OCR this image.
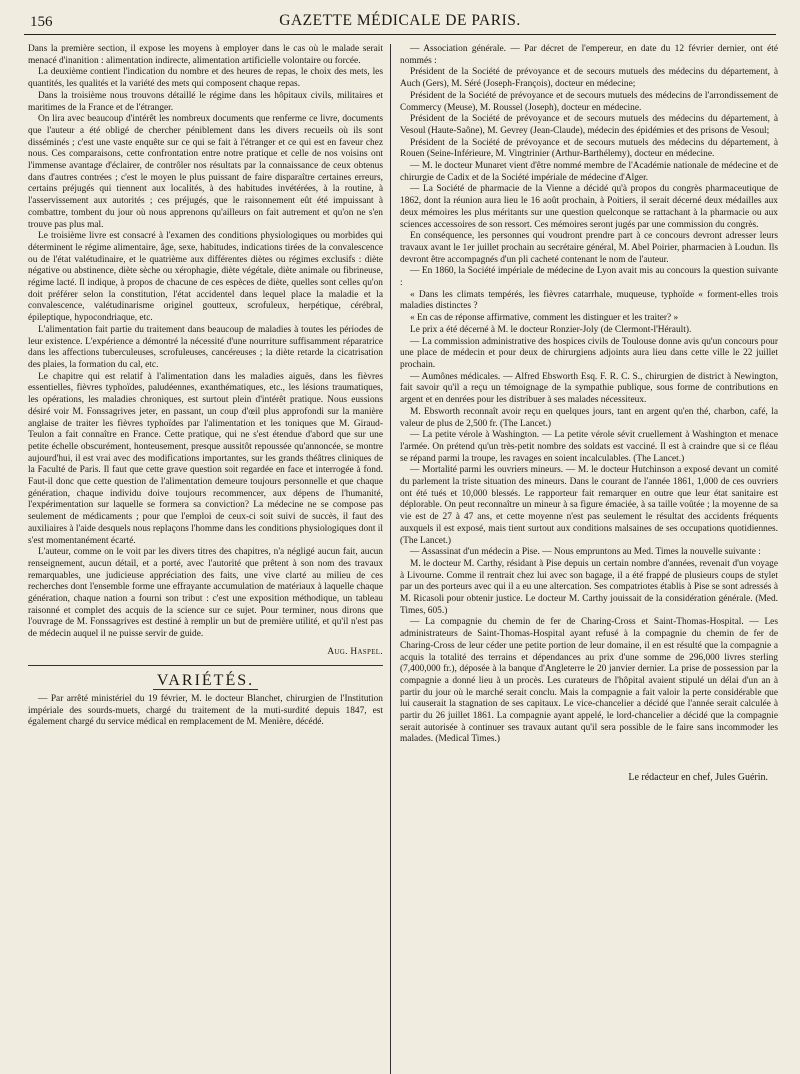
156	GAZETTE MÉDICALE DE PARIS.

Dans la première section, il expose les moyens à employer dans le cas où le malade serait menacé d'inanition : alimentation indirecte, alimentation artificielle volontaire ou forcée.

La deuxième contient l'indication du nombre et des heures de repas, le choix des mets, les quantités, les qualités et la variété des mets qui composent chaque repas.

Dans la troisième nous trouvons détaillé le régime dans les hôpitaux civils, militaires et maritimes de la France et de l'étranger.

On lira avec beaucoup d'intérêt les nombreux documents que renferme ce livre, documents que l'auteur a été obligé de chercher péniblement dans les divers recueils où ils sont disséminés ; c'est une vaste enquête sur ce qui se fait à l'étranger et ce qui est en faveur chez nous. Ces comparaisons, cette confrontation entre notre pratique et celle de nos voisins ont l'immense avantage d'éclairer, de contrôler nos résultats par la connaissance de ceux obtenus dans d'autres contrées ; c'est le moyen le plus puissant de faire disparaître certaines erreurs, certains préjugés qui tiennent aux localités, à des habitudes invétérées, à la routine, à l'asservissement aux autorités ; ces préjugés, que le raisonnement eût été impuissant à combattre, tombent du jour où nous apprenons qu'ailleurs on fait autrement et qu'on ne s'en trouve pas plus mal.

Le troisième livre est consacré à l'examen des conditions physiologiques ou morbides qui déterminent le régime alimentaire, âge, sexe, habitudes, indications tirées de la convalescence ou de l'état valétudinaire, et le quatrième aux différentes diètes ou régimes exclusifs : diète négative ou abstinence, diète sèche ou xérophagie, diète végétale, diète animale ou fibrineuse, régime lacté. Il indique, à propos de chacune de ces espèces de diète, quelles sont celles qu'on doit préférer selon la constitution, l'état accidentel dans lequel place la maladie et la convalescence, valétudinarisme originel goutteux, scrofuleux, herpétique, cérébral, épileptique, hypocondriaque, etc.

L'alimentation fait partie du traitement dans beaucoup de maladies à toutes les périodes de leur existence. L'expérience a démontré la nécessité d'une nourriture suffisamment réparatrice dans les affections tuberculeuses, scrofuleuses, cancéreuses ; la diète retarde la cicatrisation des plaies, la formation du cal, etc.

Le chapitre qui est relatif à l'alimentation dans les maladies aiguës, dans les fièvres essentielles, fièvres typhoïdes, paludéennes, exanthématiques, etc., les lésions traumatiques, les opérations, les maladies chroniques, est surtout plein d'intérêt pratique. Nous eussions désiré voir M. Fonssagrives jeter, en passant, un coup d'œil plus approfondi sur la manière anglaise de traiter les fièvres typhoïdes par l'alimentation et les toniques que M. Giraud-Teulon a fait connaître en France. Cette pratique, qui ne s'est étendue d'abord que sur une petite échelle obscurément, honteusement, presque aussitôt repoussée qu'annoncée, se montre aujourd'hui, il est vrai avec des modifications importantes, sur les grands théâtres cliniques de la Faculté de Paris. Il faut que cette grave question soit regardée en face et interrogée à fond. Faut-il donc que cette question de l'alimentation demeure toujours personnelle et que chaque génération, chaque individu doive toujours recommencer, aux dépens de l'humanité, l'expérimentation sur laquelle se formera sa conviction? La médecine ne se compose pas seulement de médicaments ; pour que l'emploi de ceux-ci soit suivi de succès, il faut des auxiliaires à l'aide desquels nous replaçons l'homme dans les conditions physiologiques dont il s'est momentanément écarté.

L'auteur, comme on le voit par les divers titres des chapitres, n'a négligé aucun fait, aucun renseignement, aucun détail, et a porté, avec l'autorité que prêtent à son nom des travaux remarquables, une judicieuse appréciation des faits, une vive clarté au milieu de ces recherches dont l'ensemble forme une effrayante accumulation de matériaux à laquelle chaque génération, chaque nation a fourni son tribut : c'est une exposition méthodique, un tableau raisonné et complet des acquis de la science sur ce sujet. Pour terminer, nous dirons que l'ouvrage de M. Fonssagrives est destiné à remplir un but de première utilité, et qu'il n'est pas de médecin auquel il ne puisse servir de guide.

Aug. Haspel.
VARIÉTÉS.

— Par arrêté ministériel du 19 février, M. le docteur Blanchet, chirurgien de l'Institution impériale des sourds-muets, chargé du traitement de la muti-surdité depuis 1847, est également chargé du service médical en remplacement de M. Menière, décédé.

— Association générale. — Par décret de l'empereur, en date du 12 février dernier, ont été nommés :

Président de la Société de prévoyance et de secours mutuels des médecins du département, à Auch (Gers), M. Séré (Joseph-François), docteur en médecine;

Président de la Société de prévoyance et de secours mutuels des médecins de l'arrondissement de Commercy (Meuse), M. Roussel (Joseph), docteur en médecine.

Président de la Société de prévoyance et de secours mutuels des médecins du département, à Vesoul (Haute-Saône), M. Gevrey (Jean-Claude), médecin des épidémies et des prisons de Vesoul;

Président de la Société de prévoyance et de secours mutuels des médecins du département, à Rouen (Seine-Inférieure, M. Vingtrinier (Arthur-Barthélemy), docteur en médecine.

— M. le docteur Munaret vient d'être nommé membre de l'Académie nationale de médecine et de chirurgie de Cadix et de la Société impériale de médecine d'Alger.

— La Société de pharmacie de la Vienne a décidé qu'à propos du congrès pharmaceutique de 1862, dont la réunion aura lieu le 16 août prochain, à Poitiers, il serait décerné deux médailles aux deux mémoires les plus méritants sur une question quelconque se rattachant à la pharmacie ou aux sciences accessoires de son ressort. Ces mémoires seront jugés par une commission du congrès.

En conséquence, les personnes qui voudront prendre part à ce concours devront adresser leurs travaux avant le 1er juillet prochain au secrétaire général, M. Abel Poirier, pharmacien à Loudun. Ils devront être accompagnés d'un pli cacheté contenant le nom de l'auteur.

— En 1860, la Société impériale de médecine de Lyon avait mis au concours la question suivante :

« Dans les climats tempérés, les fièvres catarrhale, muqueuse, typhoïde « forment-elles trois maladies distinctes ?

« En cas de réponse affirmative, comment les distinguer et les traiter? »

Le prix a été décerné à M. le docteur Ronzier-Joly (de Clermont-l'Hérault).

— La commission administrative des hospices civils de Toulouse donne avis qu'un concours pour une place de médecin et pour deux de chirurgiens adjoints aura lieu dans cette ville le 22 juillet prochain.

— Aumônes médicales. — Alfred Ebsworth Esq. F. R. C. S., chirurgien de district à Newington, fait savoir qu'il a reçu un témoignage de la sympathie publique, sous forme de contributions en argent et en denrées pour les distribuer à ses malades nécessiteux.

M. Ebsworth reconnaît avoir reçu en quelques jours, tant en argent qu'en thé, charbon, café, la valeur de plus de 2,500 fr. (The Lancet.)

— La petite vérole à Washington. — La petite vérole sévit cruellement à Washington et menace l'armée. On prétend qu'un très-petit nombre des soldats est vacciné. Il est à craindre que si ce fléau se répand parmi la troupe, les ravages en soient incalculables. (The Lancet.)

— Mortalité parmi les ouvriers mineurs. — M. le docteur Hutchinson a exposé devant un comité du parlement la triste situation des mineurs. Dans le courant de l'année 1861, 1,000 de ces ouvriers ont été tués et 10,000 blessés. Le rapporteur fait remarquer en outre que leur état sanitaire est déplorable. On peut reconnaître un mineur à sa figure émaciée, à sa taille voûtée ; la moyenne de sa vie est de 27 à 47 ans, et cette moyenne n'est pas seulement le résultat des accidents fréquents auxquels il est exposé, mais tient surtout aux conditions malsaines de ses occupations quotidiennes. (The Lancet.)

— Assassinat d'un médecin a Pise. — Nous empruntons au Med. Times la nouvelle suivante :

M. le docteur M. Carthy, résidant à Pise depuis un certain nombre d'années, revenait d'un voyage à Livourne. Comme il rentrait chez lui avec son bagage, il a été frappé de plusieurs coups de stylet par un des porteurs avec qui il a eu une altercation. Ses compatriotes établis à Pise se sont adressés à M. Ricasoli pour obtenir justice. Le docteur M. Carthy jouissait de la considération générale. (Med. Times, 605.)

— La compagnie du chemin de fer de Charing-Cross et Saint-Thomas-Hospital. — Les administrateurs de Saint-Thomas-Hospital ayant refusé à la compagnie du chemin de fer de Charing-Cross de leur céder une petite portion de leur domaine, il en est résulté que la compagnie a acquis la totalité des terrains et dépendances au prix d'une somme de 296,000 livres sterling (7,400,000 fr.), déposée à la banque d'Angleterre le 20 janvier dernier. La prise de possession par la compagnie a donné lieu à un procès. Les curateurs de l'hôpital avaient stipulé un délai d'un an à partir du jour où le marché serait conclu. Mais la compagnie a fait valoir la perte considérable que lui causerait la stagnation de ses capitaux. Le vice-chancelier a décidé que l'année serait calculée à partir du 26 juillet 1861. La compagnie ayant appelé, le lord-chancelier a décidé que la compagnie serait autorisée à continuer ses travaux autant qu'il sera possible de le faire sans incommoder les malades. (Medical Times.)

Le rédacteur en chef, Jules Guérin.
